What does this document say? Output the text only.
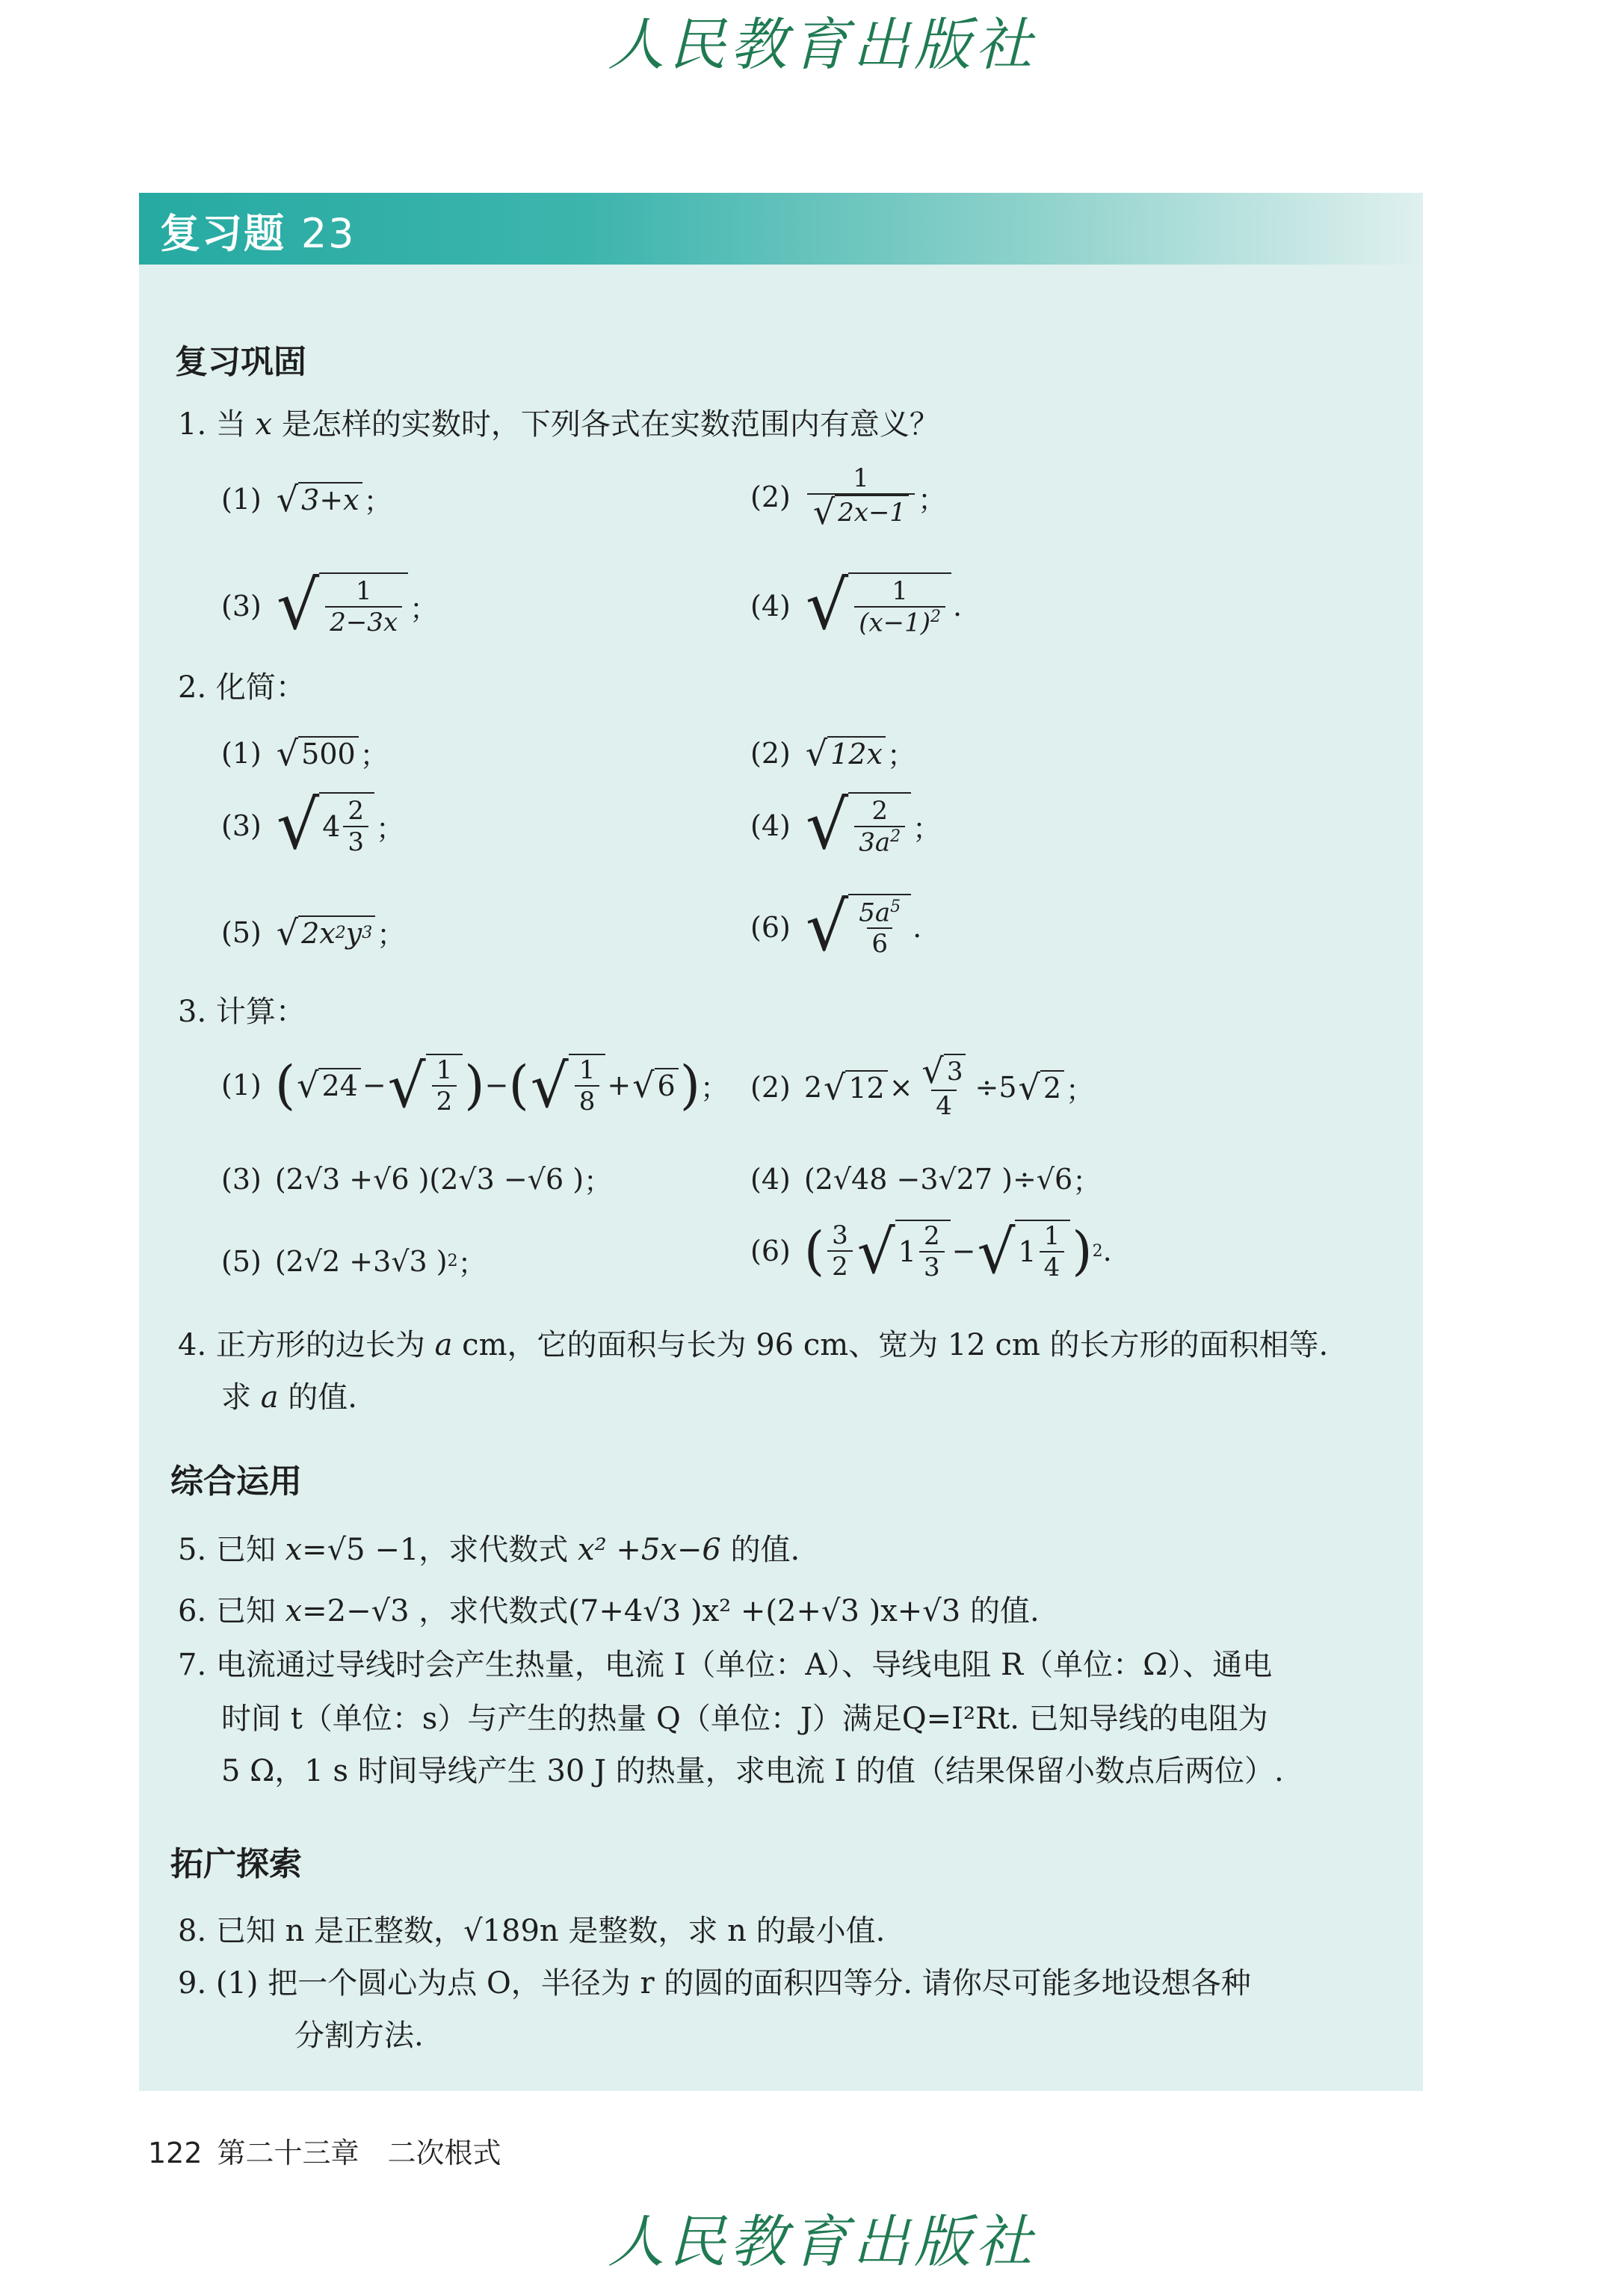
人民教育出版社
复习题 23
复习巩固
1. 当 x 是怎样的实数时，下列各式在实数范围内有意义？
(1) √ 3+x ；	$(2) \frac{1}{√ 2x-1}$ ；
(3) √ $\frac{1}{2-3x}$ ；	(4) √ $\frac{1}{(x-1)^2}$ .
2. 化简：
(1) √ 500 ；	(2) √ 12x ；
(3) √ $4 \frac{2}{3}$ ；	(4) √ $\frac{2}{3a^2}$ ；
(5) √ 2x 2 y 3 ；	(6) √ $\frac{5a^5}{6}$ .
3. 计算：
(1) ( √ 24 − √ $\frac{1}{2}$ ) − ( √ $\frac{1}{8}$ + √ 6 ) ； (2) 2 √ $12 \times \frac{√ 3}{4} \div 5$ √ 2 ；
(3) (2√3 +√6 )(2√3 −√6 ) ；	(4) (2√48 −3√27 )÷√6 ；
(5) (2√2 +3√3 ) 2 ；	(6) ( $\frac{3}{2}$ √ $1 \frac{2}{3}$ − √ $1 \frac{1}{4}$ ) 2 .
4. 正方形的边长为 a cm，它的面积与长为 96 cm、宽为 12 cm 的长方形的面积相等.
求 a 的值.
综合运用
5. 已知 x=√5 −1，求代数式 x² +5x−6 的值.
6. 已知 x=2−√3 ，求代数式(7+4√3 )x² +(2+√3 )x+√3 的值.
7. 电流通过导线时会产生热量，电流 I（单位：A）、导线电阻 R（单位：Ω）、通电
时间 t（单位：s）与产生的热量 Q（单位：J）满足Q=I²Rt. 已知导线的电阻为
5 Ω，1 s 时间导线产生 30 J 的热量，求电流 I 的值（结果保留小数点后两位）.
拓广探索
8. 已知 n 是正整数，√189n 是整数，求 n 的最小值.
9. (1) 把一个圆心为点 O，半径为 r 的圆的面积四等分. 请你尽可能多地设想各种
分割方法.
122 第二十三章　二次根式
人民教育出版社
